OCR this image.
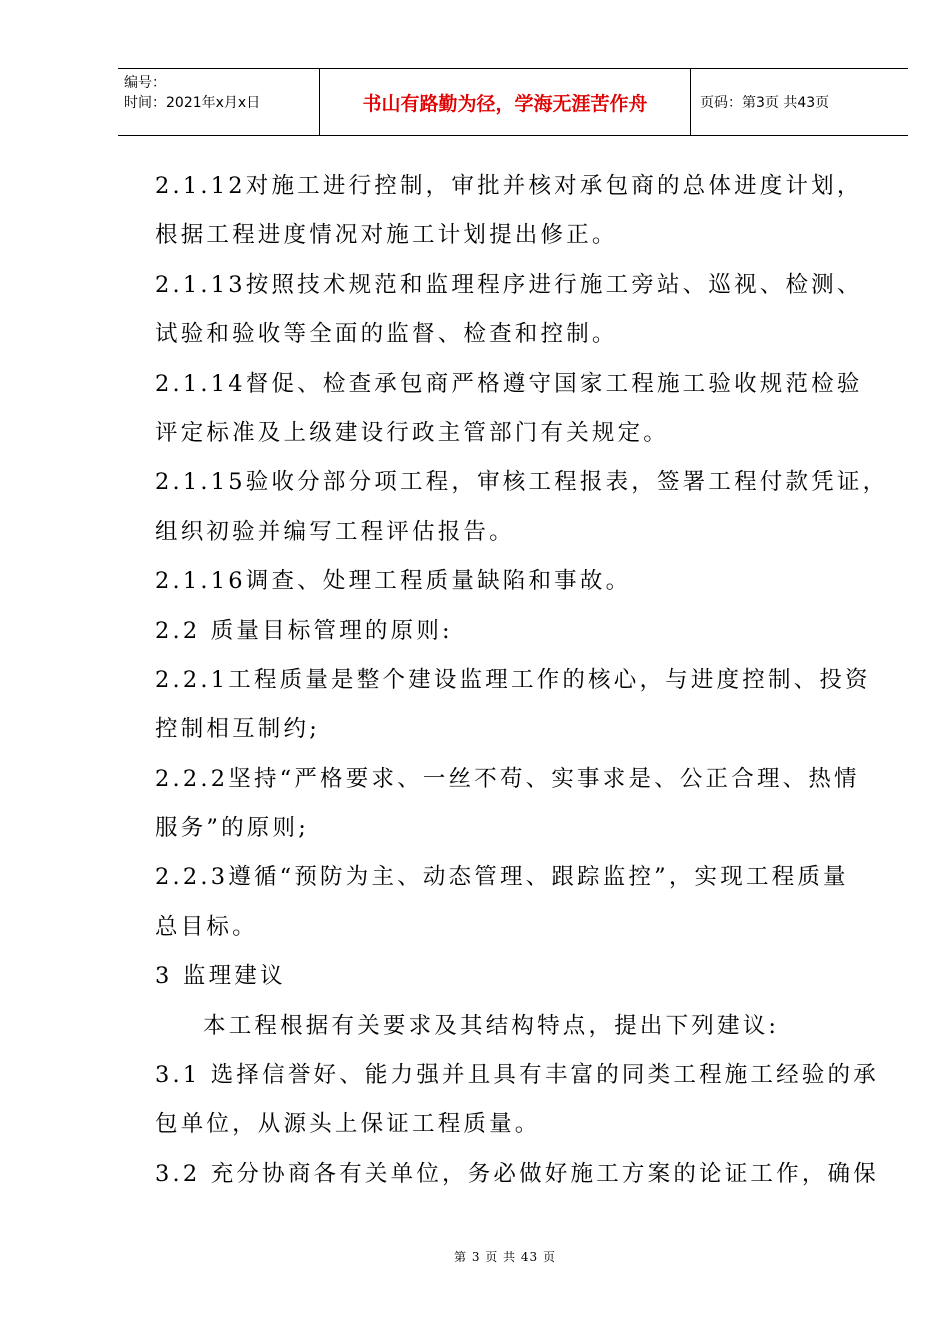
编号：
时间：2021年x月x日	书山有路勤为径，学海无涯苦作舟	页码：第3页 共43页
2.1.12对施工进行控制，审批并核对承包商的总体进度计划，
根据工程进度情况对施工计划提出修正。
2.1.13按照技术规范和监理程序进行施工旁站、巡视、检测、
试验和验收等全面的监督、检查和控制。
2.1.14督促、检查承包商严格遵守国家工程施工验收规范检验
评定标准及上级建设行政主管部门有关规定。
2.1.15验收分部分项工程，审核工程报表，签署工程付款凭证，
组织初验并编写工程评估报告。
2.1.16调查、处理工程质量缺陷和事故。
2.2 质量目标管理的原则:
2.2.1工程质量是整个建设监理工作的核心，与进度控制、投资
控制相互制约;
2.2.2坚持“严格要求、一丝不苟、实事求是、公正合理、热情
服务”的原则;
2.2.3遵循“预防为主、动态管理、跟踪监控”，实现工程质量
总目标。
3 监理建议
本工程根据有关要求及其结构特点，提出下列建议:
3.1 选择信誉好、能力强并且具有丰富的同类工程施工经验的承
包单位，从源头上保证工程质量。
3.2 充分协商各有关单位，务必做好施工方案的论证工作，确保
第 3 页 共 43 页
